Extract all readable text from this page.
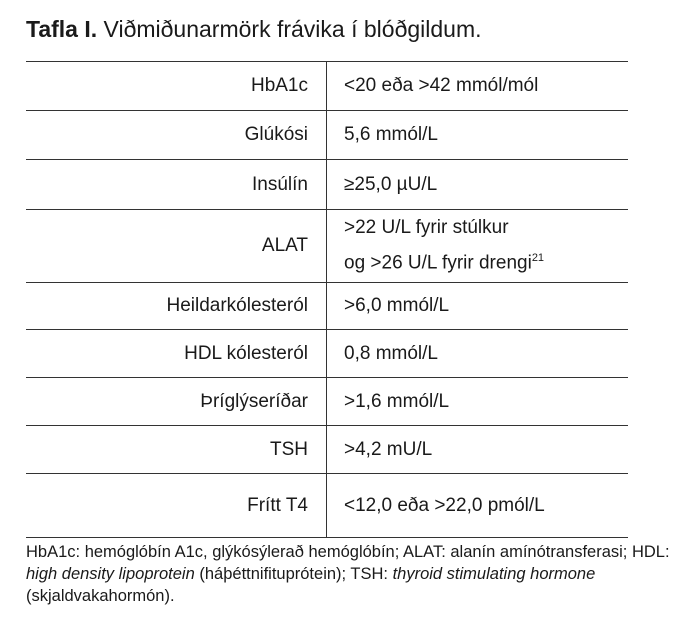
Tafla I. Viðmiðunarmörk frávika í blóðgildum.
HbA1c	<20 eða >42 mmól/mól
Glúkósi	5,6 mmól/L
Insúlín	≥25,0 µU/L
ALAT	>22 U/L fyrir stúlkur
og >26 U/L fyrir drengi$^{21}$

Heildarkólesteról	>6,0 mmól/L
HDL kólesteról	0,8 mmól/L
Þríglýseríðar	>1,6 mmól/L
TSH	>4,2 mU/L
Frítt T4	<12,0 eða >22,0 pmól/L
HbA1c: hemóglóbín A1c, glýkósýlerað hemóglóbín; ALAT: alanín amínótransferasi; HDL: high density lipoprotein (háþéttnifituprótein); TSH: thyroid stimulating hormone (skjaldvakahormón).
